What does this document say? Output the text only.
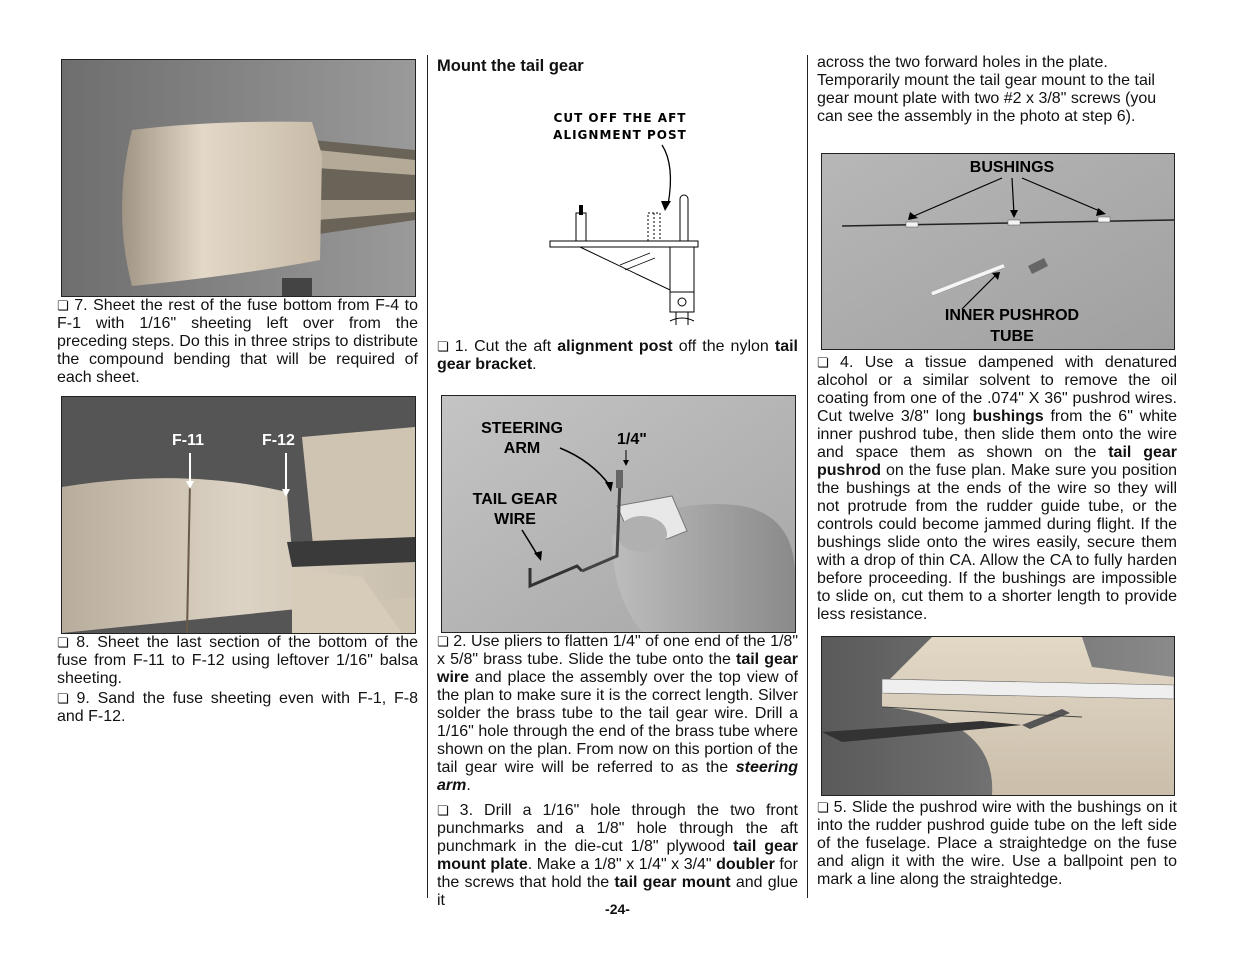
❏ 7. Sheet the rest of the fuse bottom from F-4 to F-1 with 1/16" sheeting left over from the preceding steps. Do this in three strips to distribute the compound bending that will be required of each sheet.

F-11	F-12

❏ 8. Sheet the last section of the bottom of the fuse from F-11 to F-12 using leftover 1/16" balsa sheeting.

❏ 9. Sand the fuse sheeting even with F-1, F-8 and F-12.

Mount the tail gear
CUT OFF THE AFT
ALIGNMENT POST

❏ 1. Cut the aft alignment post off the nylon tail gear bracket.

STEERING
ARM
1/4"
TAIL GEAR
WIRE

❏ 2. Use pliers to flatten 1/4" of one end of the 1/8" x 5/8" brass tube. Slide the tube onto the tail gear wire and place the assembly over the top view of the plan to make sure it is the correct length. Silver solder the brass tube to the tail gear wire. Drill a 1/16" hole through the end of the brass tube where shown on the plan. From now on this portion of the tail gear wire will be referred to as the steering arm.

❏ 3. Drill a 1/16" hole through the two front punchmarks and a 1/8" hole through the aft punchmark in the die-cut 1/8" plywood tail gear mount plate. Make a 1/8" x 1/4" x 3/4" doubler for the screws that hold the tail gear mount and glue it

across the two forward holes in the plate. Temporarily mount the tail gear mount to the tail gear mount plate with two #2 x 3/8" screws (you can see the assembly in the photo at step 6).

BUSHINGS
INNER PUSHROD
TUBE

❏ 4. Use a tissue dampened with denatured alcohol or a similar solvent to remove the oil coating from one of the .074" X 36" pushrod wires. Cut twelve 3/8" long bushings from the 6" white inner pushrod tube, then slide them onto the wire and space them as shown on the tail gear pushrod on the fuse plan. Make sure you position the bushings at the ends of the wire so they will not protrude from the rudder guide tube, or the controls could become jammed during flight. If the bushings slide onto the wires easily, secure them with a drop of thin CA. Allow the CA to fully harden before proceeding. If the bushings are impossible to slide on, cut them to a shorter length to provide less resistance.

❏ 5. Slide the pushrod wire with the bushings on it into the rudder pushrod guide tube on the left side of the fuselage. Place a straightedge on the fuse and align it with the wire. Use a ballpoint pen to mark a line along the straightedge.

-24-
